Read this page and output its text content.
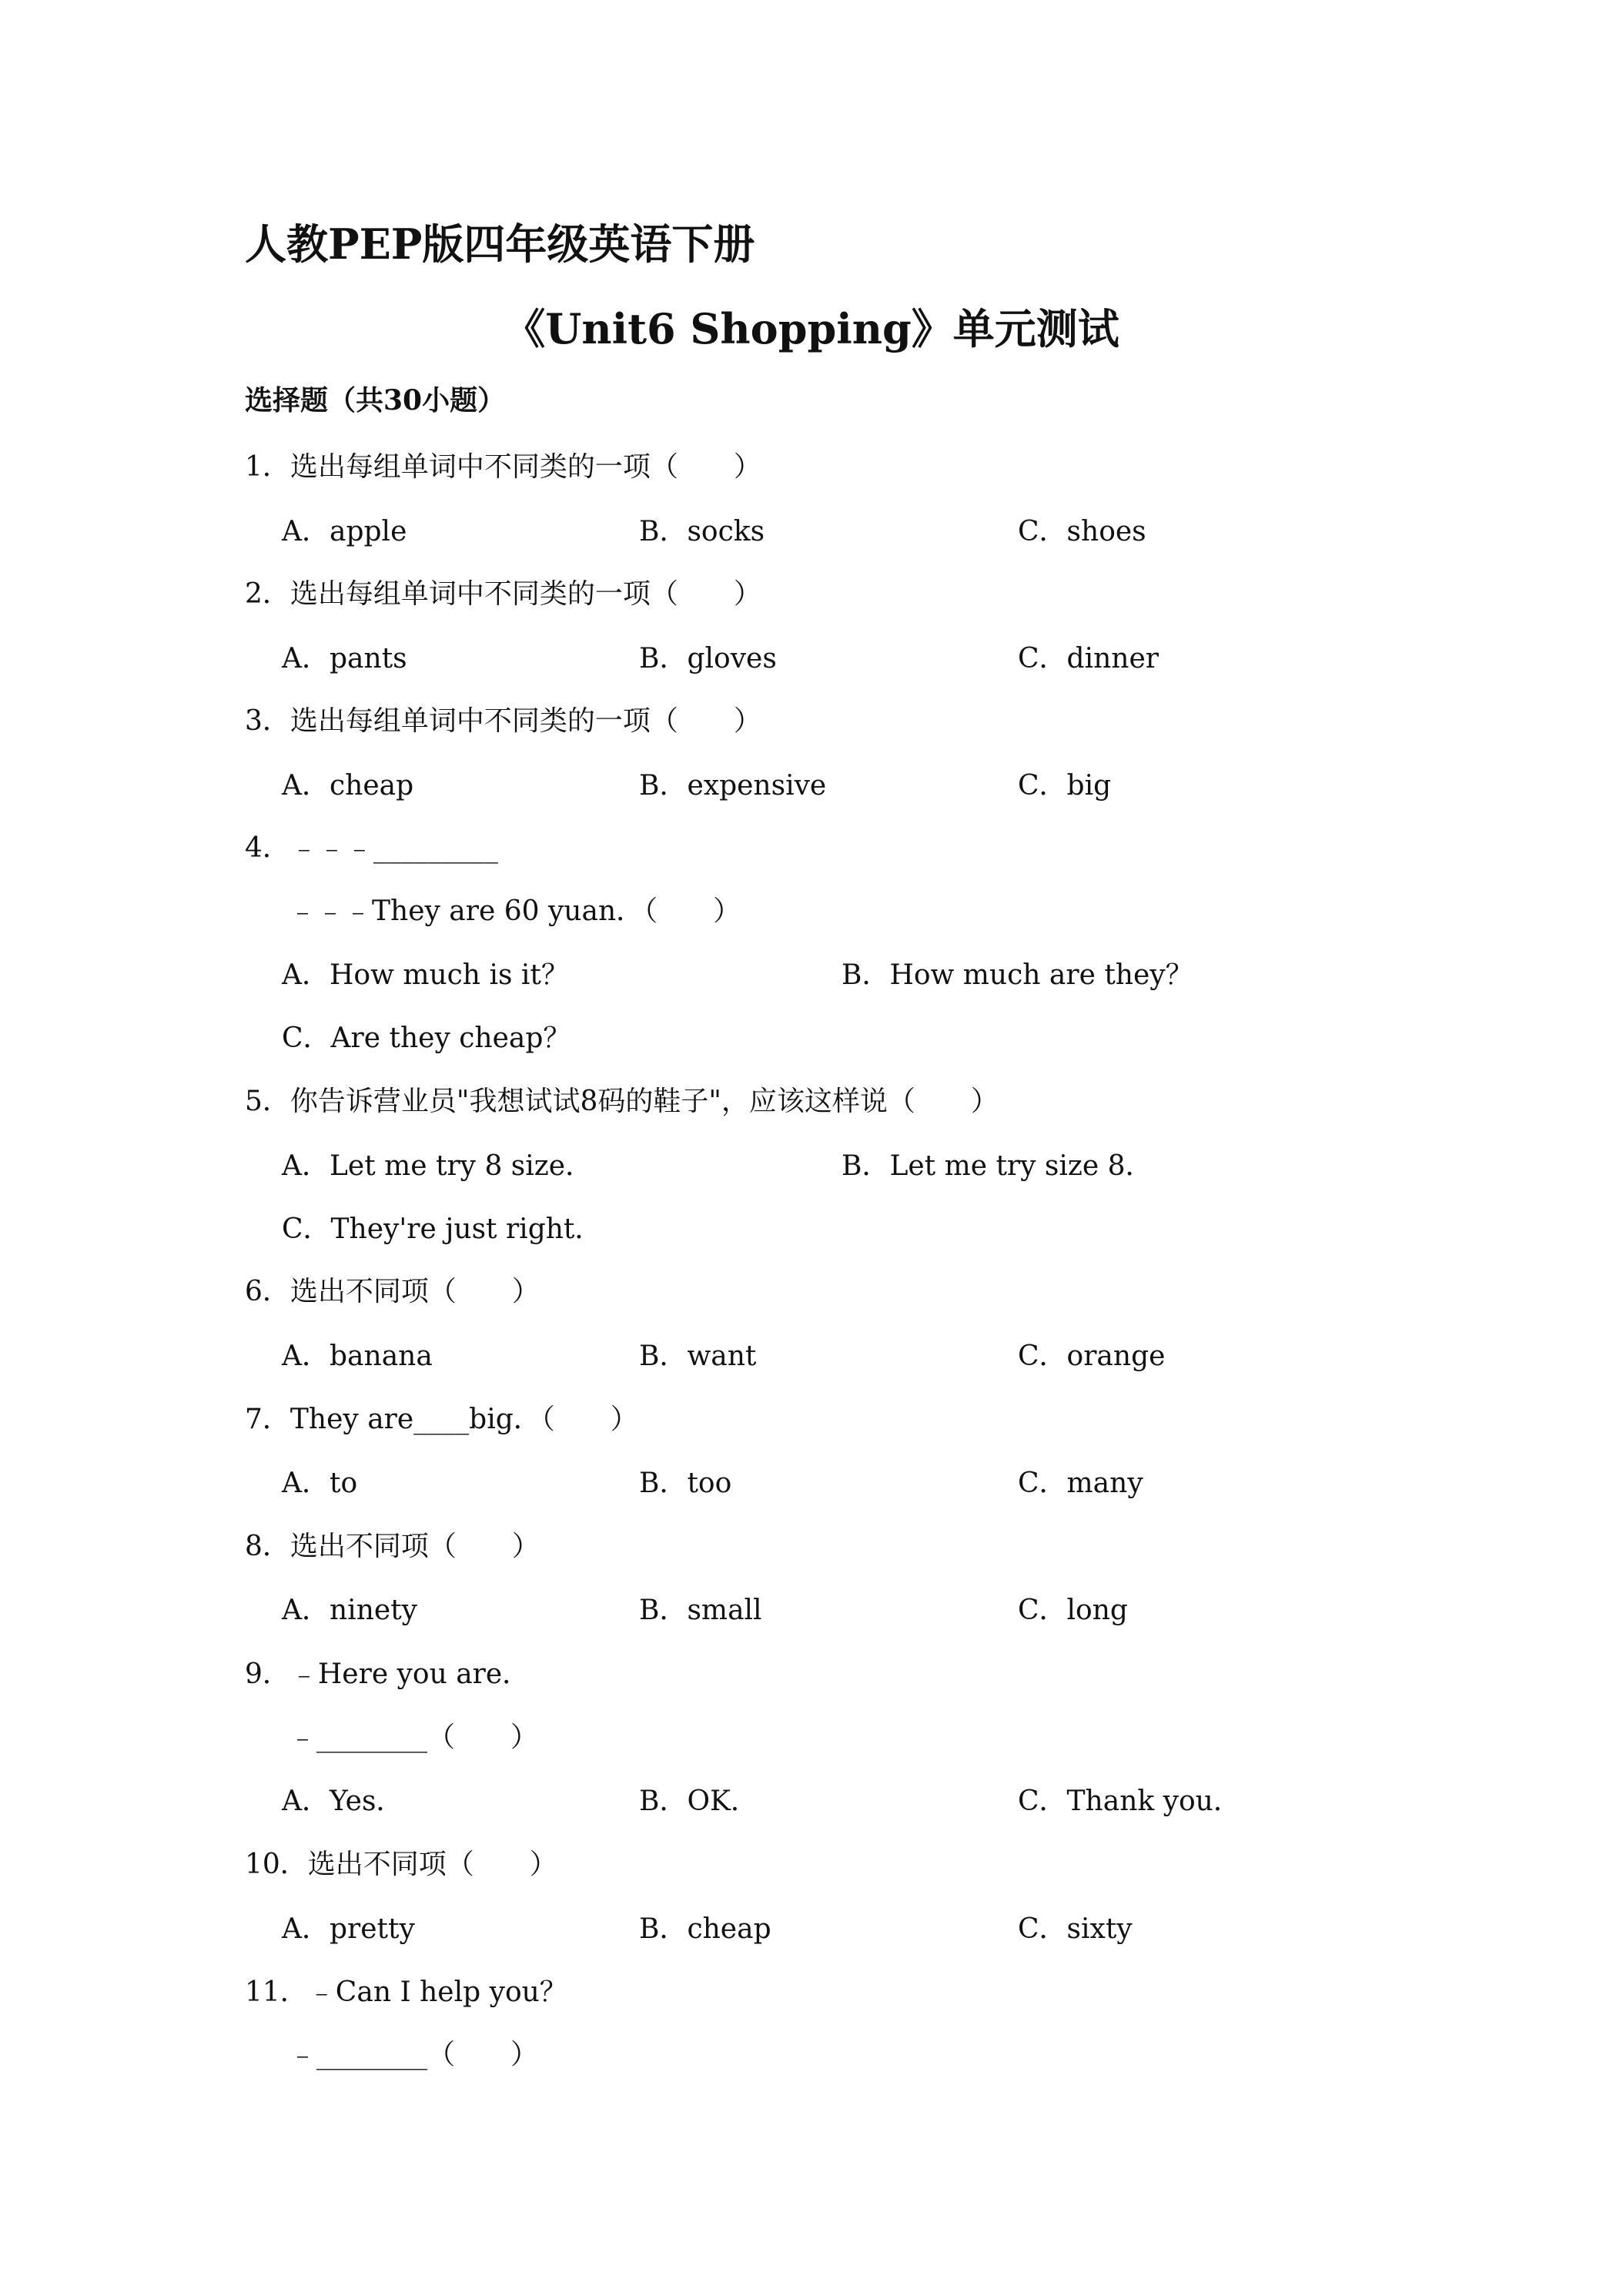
人教PEP版四年级英语下册
《Unit6 Shopping》单元测试
选择题（共30小题）
1．选出每组单词中不同类的一项（　　）
A．apple	B．socks	C．shoes
2．选出每组单词中不同类的一项（　　）
A．pants	B．gloves	C．dinner
3．选出每组单词中不同类的一项（　　）
A．cheap	B．expensive	C．big
4．﹣﹣﹣_________
﹣﹣﹣They are 60 yuan．（　　）
A．How much is it？	B．How much are they？
C．Are they cheap？
5．你告诉营业员"我想试试8码的鞋子"，应该这样说（　　）
A．Let me try 8 size．	B．Let me try size 8．
C．They're just right．
6．选出不同项（　　）
A．banana	B．want	C．orange
7．They are____big．（　　）
A．to	B．too	C．many
8．选出不同项（　　）
A．ninety	B．small	C．long
9．﹣Here you are．
﹣________（　　）
A．Yes．	B．OK．	C．Thank you．
10．选出不同项（　　）
A．pretty	B．cheap	C．sixty
11．﹣Can I help you？
﹣________（　　）
